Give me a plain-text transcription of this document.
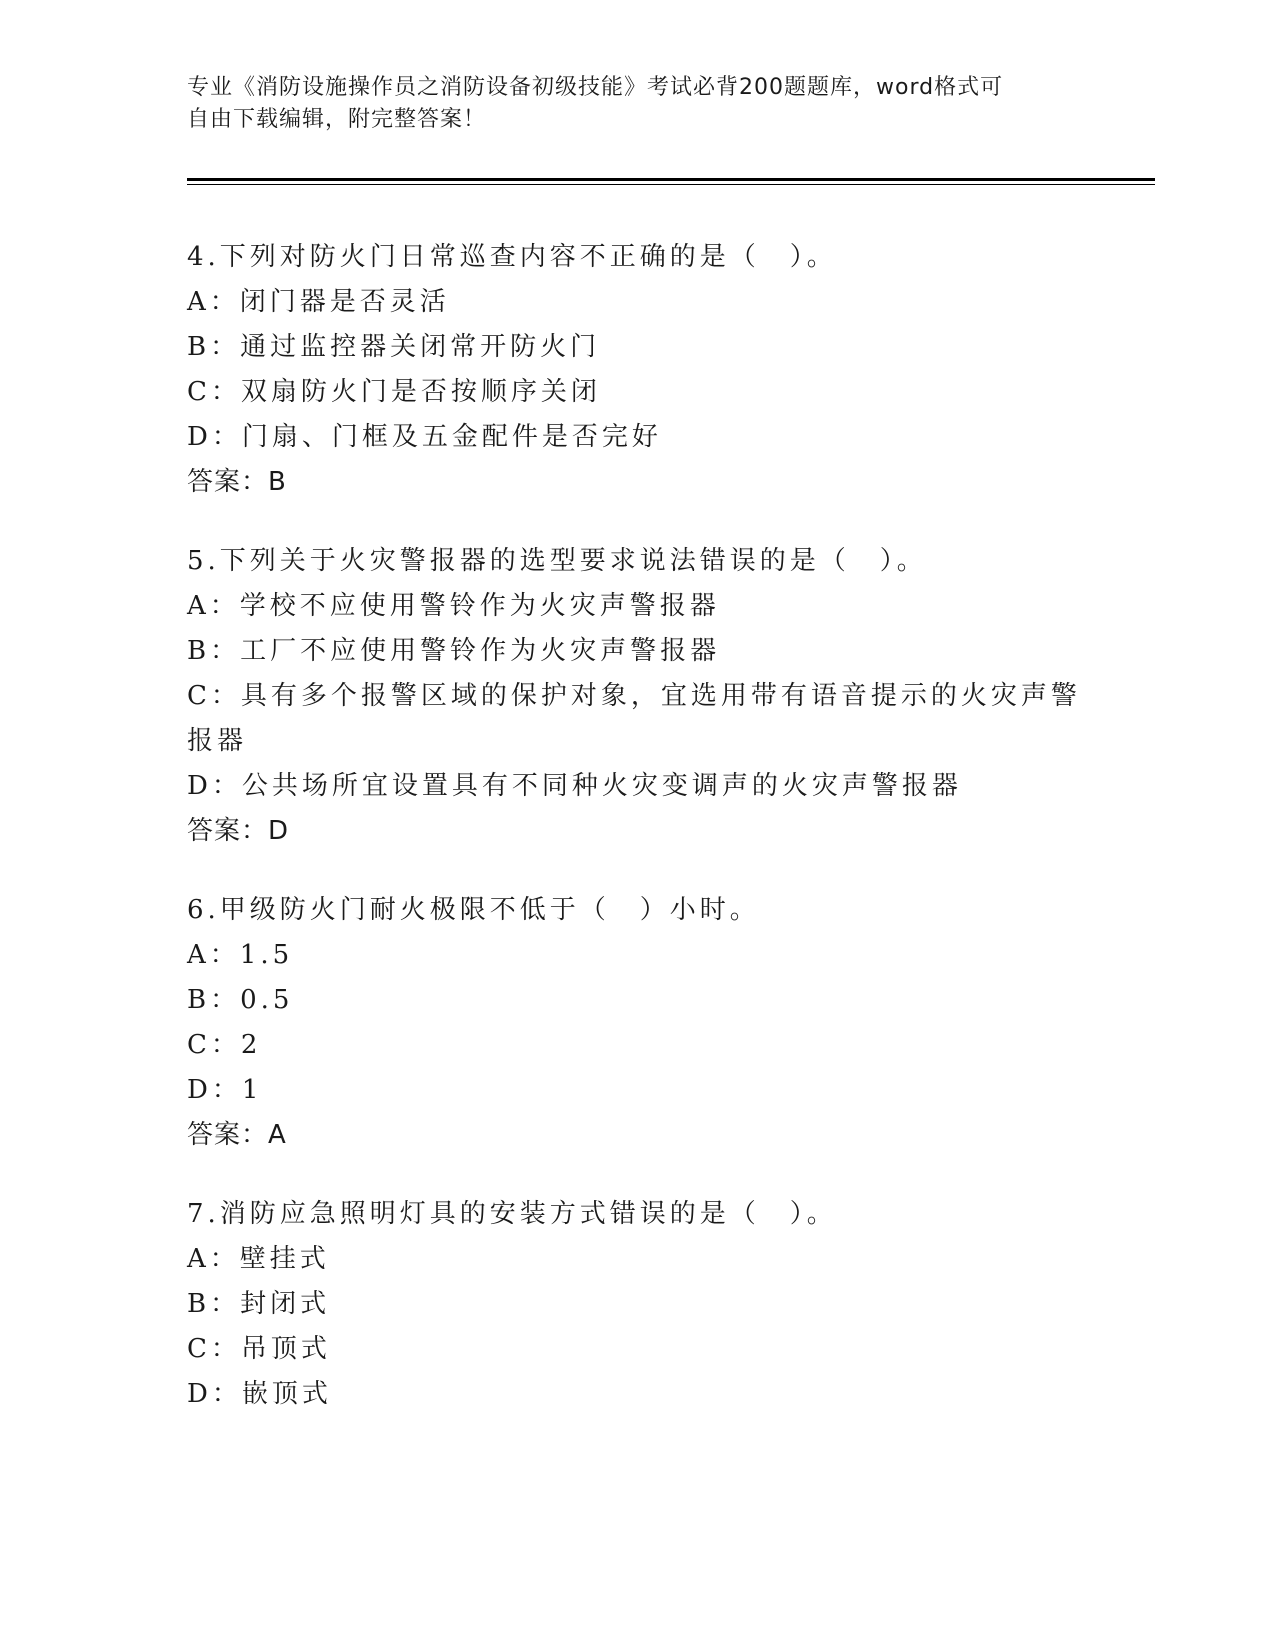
专业《消防设施操作员之消防设备初级技能》考试必背200题题库，word格式可
自由下载编辑，附完整答案！
4.下列对防火门日常巡查内容不正确的是（　）。
A：闭门器是否灵活
B：通过监控器关闭常开防火门
C：双扇防火门是否按顺序关闭
D：门扇、门框及五金配件是否完好
答案：B
5.下列关于火灾警报器的选型要求说法错误的是（　）。
A：学校不应使用警铃作为火灾声警报器
B：工厂不应使用警铃作为火灾声警报器
C：具有多个报警区域的保护对象，宜选用带有语音提示的火灾声警报器
D：公共场所宜设置具有不同种火灾变调声的火灾声警报器
答案：D
6.甲级防火门耐火极限不低于（　）小时。
A：1.5
B：0.5
C：2
D：1
答案：A
7.消防应急照明灯具的安装方式错误的是（　）。
A：壁挂式
B：封闭式
C：吊顶式
D：嵌顶式
